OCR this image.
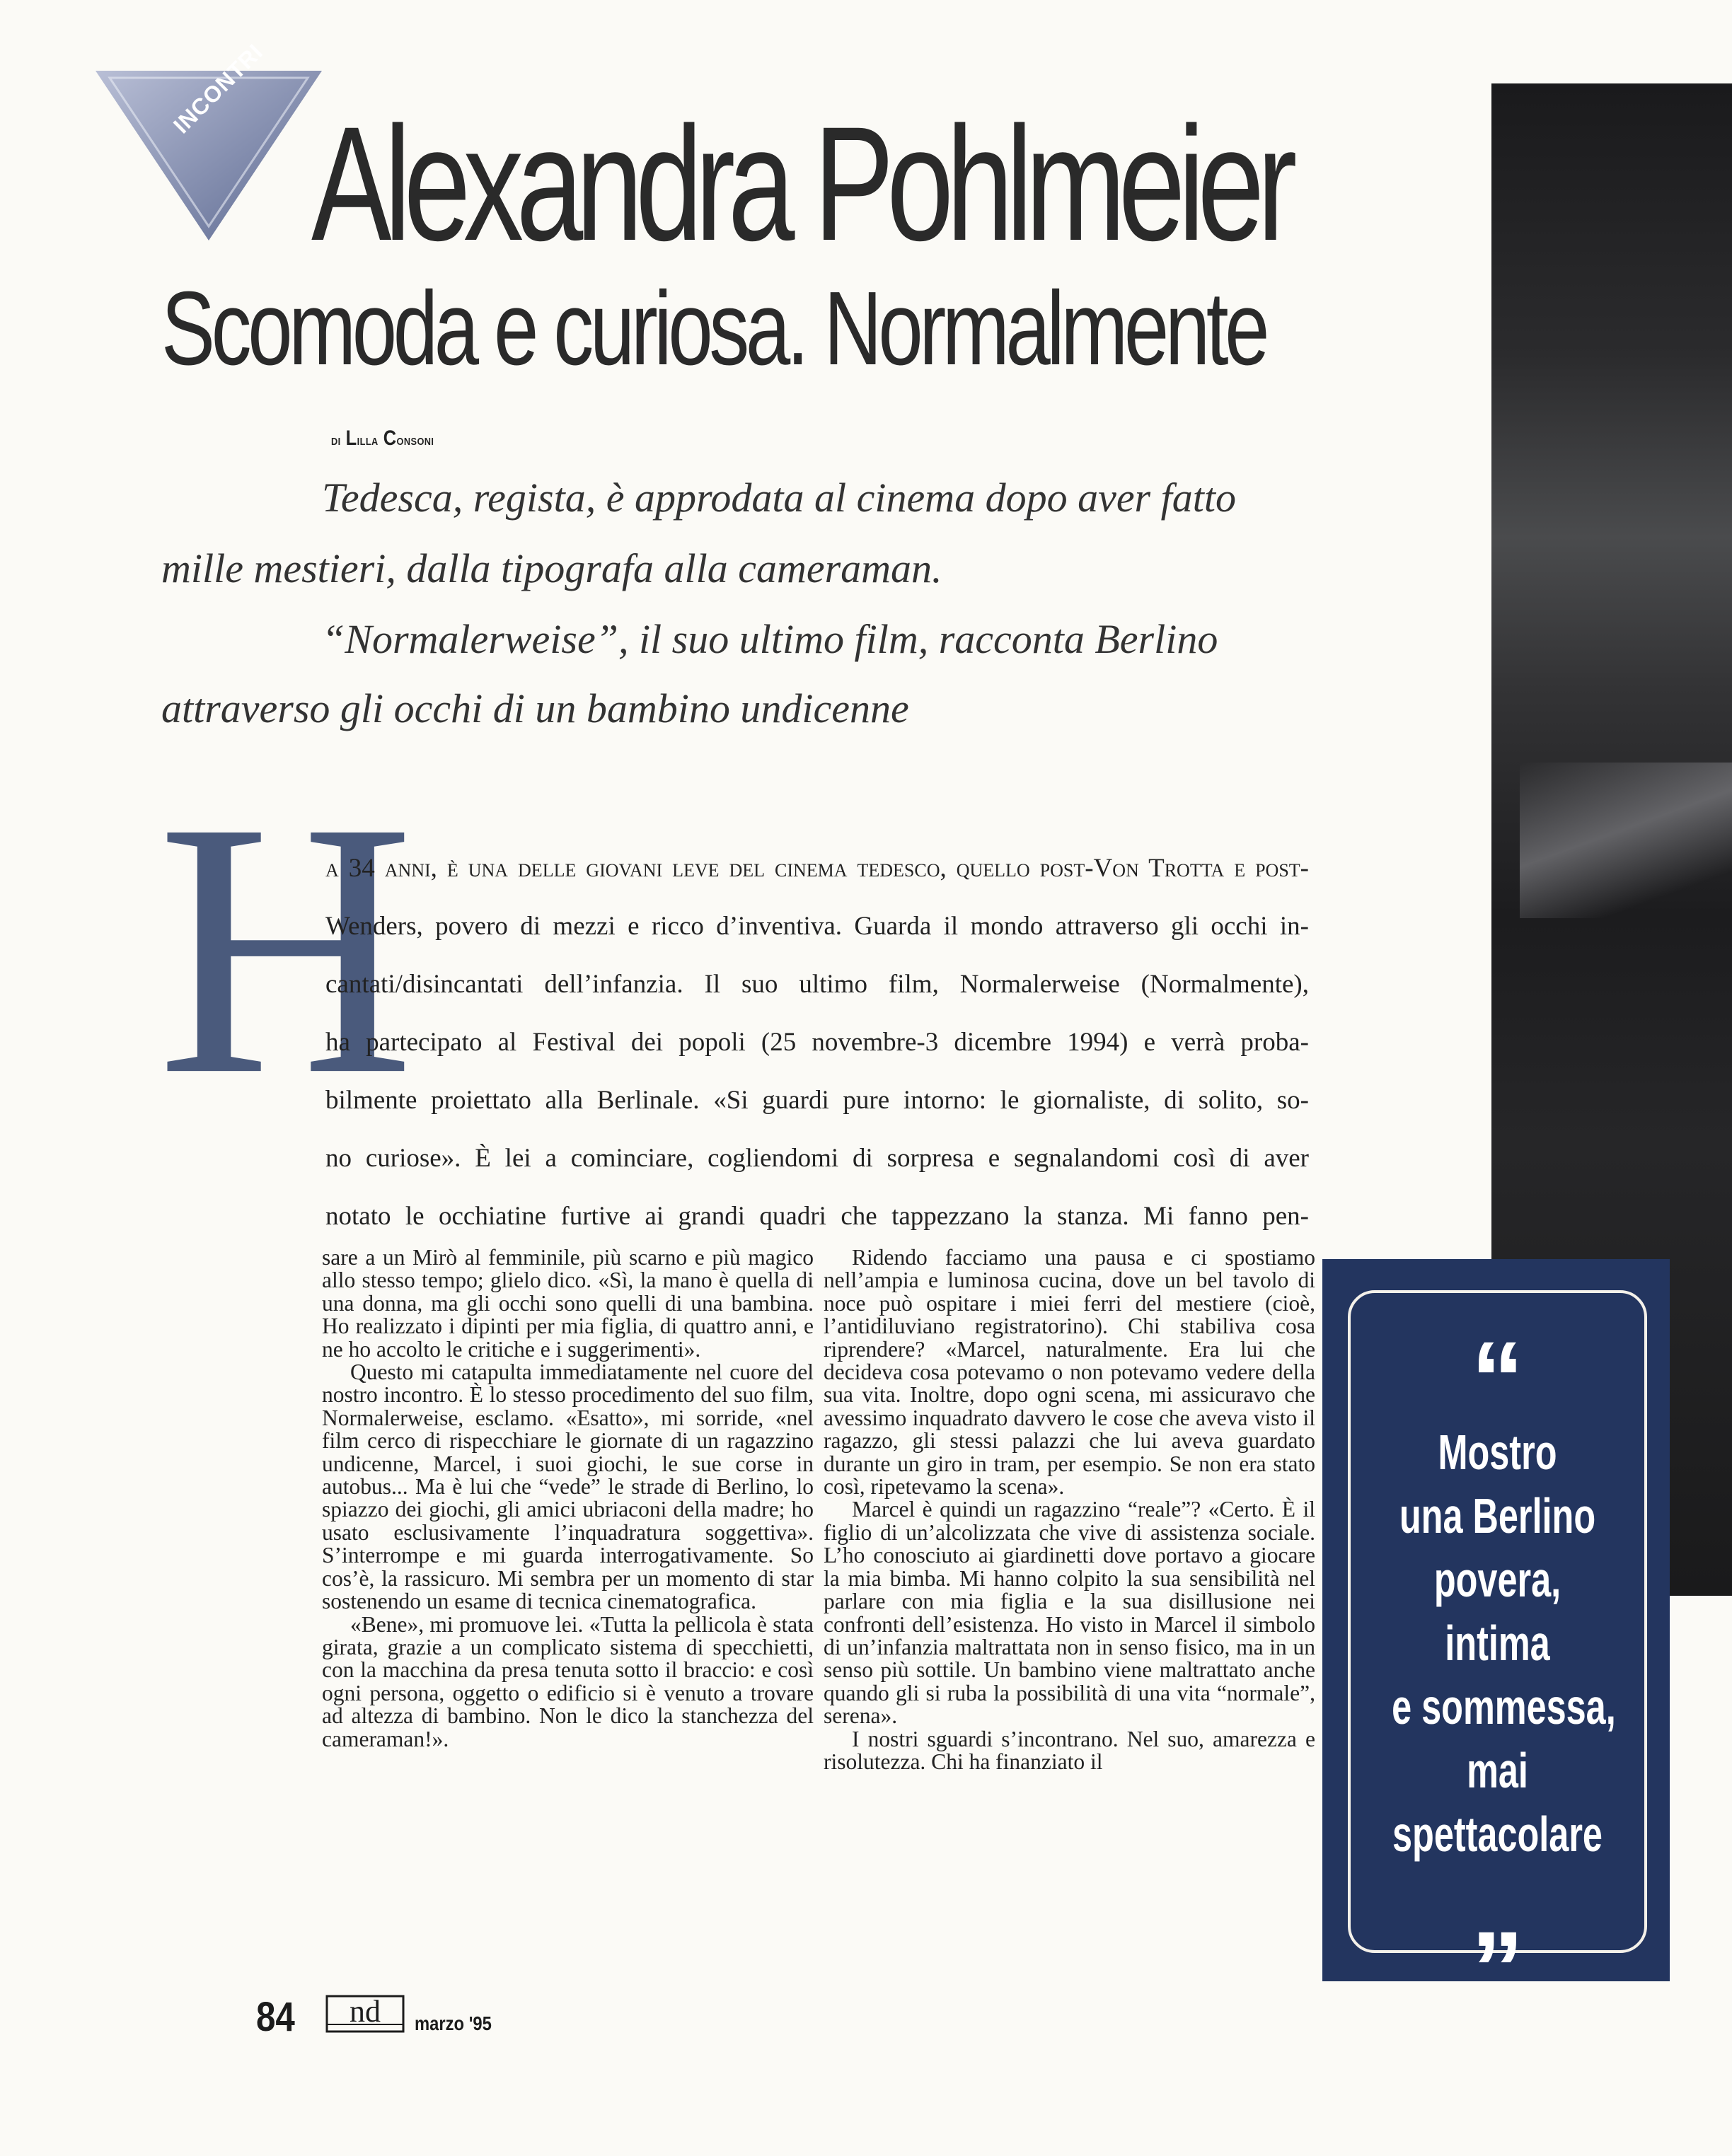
INCONTRI
Alexandra Pohlmeier
Scomoda e curiosa. Normalmente
di Lilla Consoni
Tedesca, regista, è approdata al cinema dopo aver fatto
mille mestieri, dalla tipografa alla cameraman.
“Normalerweise”, il suo ultimo film, racconta Berlino
attraverso gli occhi di un bambino undicenne
H
a 34 anni, è una delle giovani leve del cinema tedesco, quello post-Von Trotta e post-
Wenders, povero di mezzi e ricco d’inventiva. Guarda il mondo attraverso gli occhi in-
cantati/disincantati dell’infanzia. Il suo ultimo film, Normalerweise (Normalmente),
ha partecipato al Festival dei popoli (25 novembre-3 dicembre 1994) e verrà proba-
bilmente proiettato alla Berlinale. «Si guardi pure intorno: le giornaliste, di solito, so-
no curiose». È lei a cominciare, cogliendomi di sorpresa e segnalandomi così di aver
notato le occhiatine furtive ai grandi quadri che tappezzano la stanza. Mi fanno pen-

sare a un Mirò al femminile, più scarno e più magico allo stesso tempo; glielo dico. «Sì, la mano è quella di una donna, ma gli occhi sono quelli di una bambina. Ho realizzato i dipinti per mia figlia, di quattro anni, e ne ho accolto le critiche e i suggerimenti».

Questo mi catapulta immediatamente nel cuore del nostro incontro. È lo stesso procedimento del suo film, Normalerweise, esclamo. «Esatto», mi sorride, «nel film cerco di rispecchiare le giornate di un ragazzino undicenne, Marcel, i suoi giochi, le sue corse in autobus... Ma è lui che “vede” le strade di Berlino, lo spiazzo dei giochi, gli amici ubriaconi della madre; ho usato esclusivamente l’inquadratura soggettiva». S’interrompe e mi guarda interrogativamente. So cos’è, la rassicuro. Mi sembra per un momento di star sostenendo un esame di tecnica cinematografica.

«Bene», mi promuove lei. «Tutta la pellicola è stata girata, grazie a un complicato sistema di specchietti, con la macchina da presa tenuta sotto il braccio: e così ogni persona, oggetto o edificio si è venuto a trovare ad altezza di bambino. Non le dico la stanchezza del cameraman!».

Ridendo facciamo una pausa e ci spostiamo nell’ampia e luminosa cucina, dove un bel tavolo di noce può ospitare i miei ferri del mestiere (cioè, l’antidiluviano registratorino). Chi stabiliva cosa riprendere? «Marcel, naturalmente. Era lui che decideva cosa potevamo o non potevamo vedere della sua vita. Inoltre, dopo ogni scena, mi assicuravo che avessimo inquadrato davvero le cose che aveva visto il ragazzo, gli stessi palazzi che lui aveva guardato durante un giro in tram, per esempio. Se non era stato così, ripetevamo la scena».

Marcel è quindi un ragazzino “reale”? «Certo. È il figlio di un’alcolizzata che vive di assistenza sociale. L’ho conosciuto ai giardinetti dove portavo a giocare la mia bimba. Mi hanno colpito la sua sensibilità nel parlare con mia figlia e la sua disillusione nei confronti dell’esistenza. Ho visto in Marcel il simbolo di un’infanzia maltrattata non in senso fisico, ma in un senso più sottile. Un bambino viene maltrattato anche quando gli si ruba la possibilità di una vita “normale”, serena».

I nostri sguardi s’incontrano. Nel suo, amarezza e risolutezza. Chi ha finanziato il

“
Mostro
una Berlino
povera,
intima
e sommessa,
mai
spettacolare
”
84 nd marzo '95
